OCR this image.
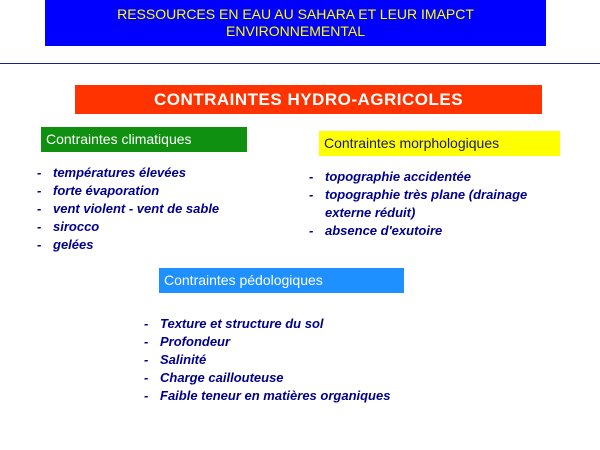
RESSOURCES EN EAU AU SAHARA ET LEUR IMAPCT
ENVIRONNEMENTAL
CONTRAINTES HYDRO-AGRICOLES
Contraintes climatiques
- températures élevées
- forte évaporation
- vent violent - vent de sable
- sirocco
- gelées
Contraintes morphologiques
- topographie accidentée
- topographie très plane (drainage externe réduit)
- absence d'exutoire
Contraintes pédologiques
- Texture et structure du sol
- Profondeur
- Salinité
- Charge caillouteuse
- Faible teneur en matières organiques
